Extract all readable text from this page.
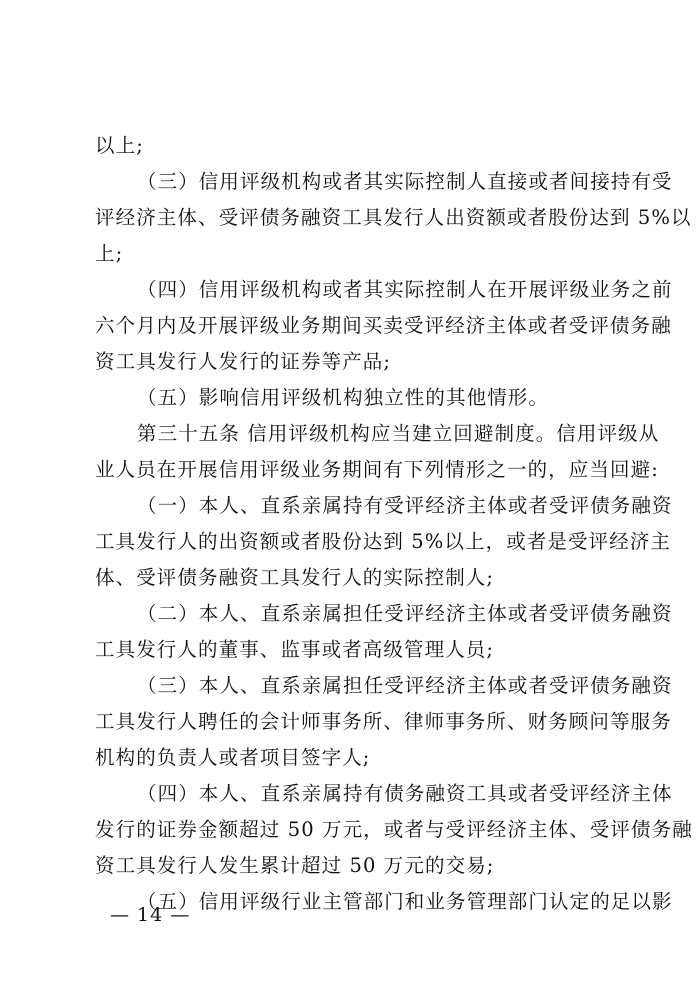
以上;
（三）信用评级机构或者其实际控制人直接或者间接持有受
评经济主体、受评债务融资工具发行人出资额或者股份达到 5%以
上;
（四）信用评级机构或者其实际控制人在开展评级业务之前
六个月内及开展评级业务期间买卖受评经济主体或者受评债务融
资工具发行人发行的证券等产品;
（五）影响信用评级机构独立性的其他情形。
第三十五条 信用评级机构应当建立回避制度。信用评级从
业人员在开展信用评级业务期间有下列情形之一的，应当回避:
（一）本人、直系亲属持有受评经济主体或者受评债务融资
工具发行人的出资额或者股份达到 5%以上，或者是受评经济主
体、受评债务融资工具发行人的实际控制人;
（二）本人、直系亲属担任受评经济主体或者受评债务融资
工具发行人的董事、监事或者高级管理人员;
（三）本人、直系亲属担任受评经济主体或者受评债务融资
工具发行人聘任的会计师事务所、律师事务所、财务顾问等服务
机构的负责人或者项目签字人;
（四）本人、直系亲属持有债务融资工具或者受评经济主体
发行的证券金额超过 50 万元，或者与受评经济主体、受评债务融
资工具发行人发生累计超过 50 万元的交易;
（五）信用评级行业主管部门和业务管理部门认定的足以影
— 14 —
